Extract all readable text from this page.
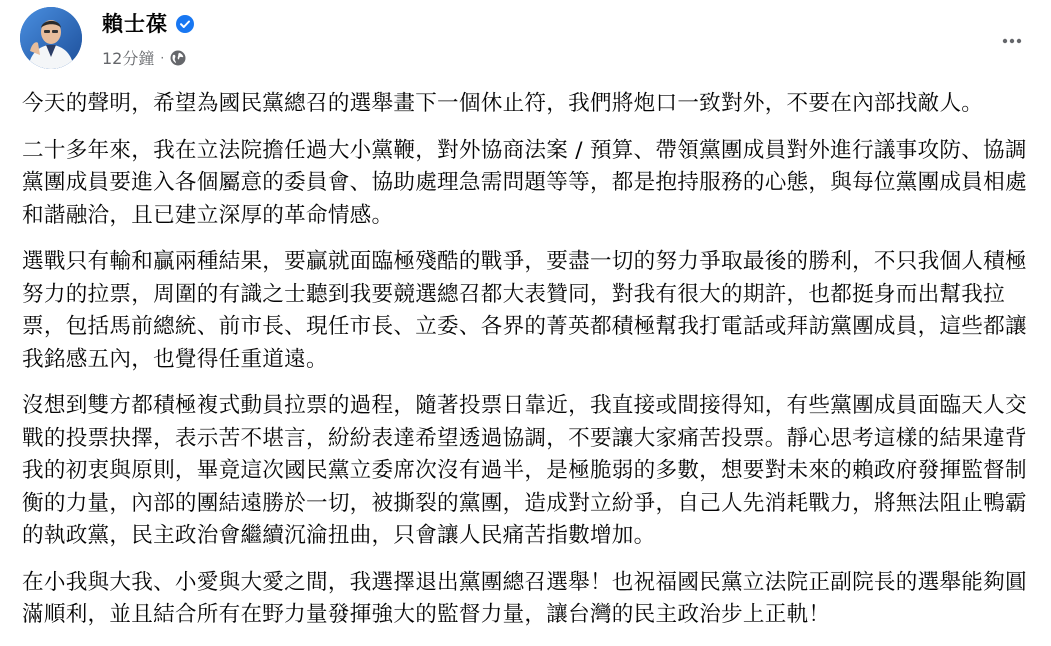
賴士葆
12分鐘 ·

今天的聲明，希望為國民黨總召的選舉畫下一個休止符，我們將炮口一致對外，不要在內部找敵人。

二十多年來，我在立法院擔任過大小黨鞭，對外協商法案 / 預算、帶領黨團成員對外進行議事攻防、協調黨團成員要進入各個屬意的委員會、協助處理急需問題等等，都是抱持服務的心態，與每位黨團成員相處和諧融洽，且已建立深厚的革命情感。

選戰只有輸和贏兩種結果，要贏就面臨極殘酷的戰爭，要盡一切的努力爭取最後的勝利，不只我個人積極努力的拉票，周圍的有識之士聽到我要競選總召都大表贊同，對我有很大的期許，也都挺身而出幫我拉票，包括馬前總統、前市長、現任市長、立委、各界的菁英都積極幫我打電話或拜訪黨團成員，這些都讓我銘感五內，也覺得任重道遠。

沒想到雙方都積極複式動員拉票的過程，隨著投票日靠近，我直接或間接得知，有些黨團成員面臨天人交戰的投票抉擇，表示苦不堪言，紛紛表達希望透過協調，不要讓大家痛苦投票。靜心思考這樣的結果違背我的初衷與原則，畢竟這次國民黨立委席次沒有過半，是極脆弱的多數，想要對未來的賴政府發揮監督制衡的力量，內部的團結遠勝於一切，被撕裂的黨團，造成對立紛爭，自己人先消耗戰力，將無法阻止鴨霸的執政黨，民主政治會繼續沉淪扭曲，只會讓人民痛苦指數增加。

在小我與大我、小愛與大愛之間，我選擇退出黨團總召選舉！也祝福國民黨立法院正副院長的選舉能夠圓滿順利，並且結合所有在野力量發揮強大的監督力量，讓台灣的民主政治步上正軌！
